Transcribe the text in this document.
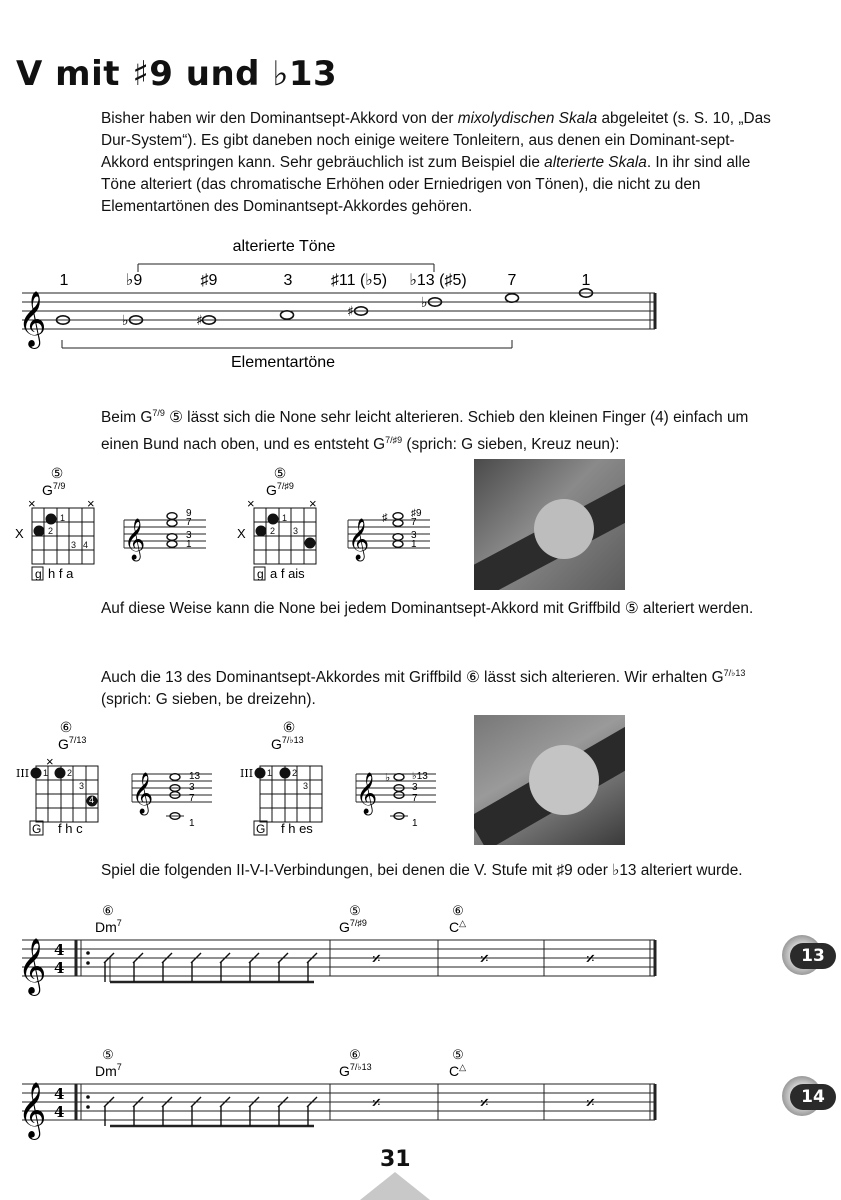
V mit ♯9 und ♭13
Bisher haben wir den Dominantsept-Akkord von der mixolydischen Skala abgeleitet (s. S. 10, „Das Dur-System“). Es gibt daneben noch einige weitere Tonleitern, aus denen ein Dominant-sept-Akkord entspringen kann. Sehr gebräuchlich ist zum Beispiel die alterierte Skala. In ihr sind alle Töne alteriert (das chromatische Erhöhen oder Erniedrigen von Tönen), die nicht zu den Elementartönen des Dominantsept-Akkordes gehören.
𝄞
alterierte Töne
Elementartöne
1	♭9	♯9	3 ♯11 (♭5) ♭13 (♯5)	7	1
♭	♯
♯
♭
1
2
3 4
1
2 3
4
X	X
×	×	×	×
⑤	⑤
$G^{7/9}$	$G^{7/♯9}$
g	g
h f a	a f ais
𝄞	𝄞
♯
9
7
3
1
♯9
7
3
1
1 2
3
4
1 2
3
×
III	III
⑥	⑥
$G^{7/13}$	$G^{7/♭13}$
G	G
f h c	f h es
𝄞	𝄞 ♭
13
3
7
1
♭13
3
7
1
𝄞
𝄞
4
4
4
4
𝄎	𝄎	𝄎
𝄎	𝄎	𝄎
⑥	⑤	⑥
⑤	⑥	⑤
Dm$^7$	$G^{7/♯9}$	C△
Dm$^7$	$G^{7/♭13}$	C△
Beim $G^{7/9}$ ⑤ lässt sich die None sehr leicht alterieren. Schieb den kleinen Finger (4) einfach um einen Bund nach oben, und es entsteht $G^{7/♯9}$ (sprich: G sieben, Kreuz neun):
Auf diese Weise kann die None bei jedem Dominantsept-Akkord mit Griffbild ⑤ alteriert werden.
Auch die 13 des Dominantsept-Akkordes mit Griffbild ⑥ lässt sich alterieren. Wir erhalten $G^{7/♭13}$ (sprich: G sieben, be dreizehn).
Spiel die folgenden II-V-I-Verbindungen, bei denen die V. Stufe mit ♯9 oder ♭13 alteriert wurde.
13
14
31
